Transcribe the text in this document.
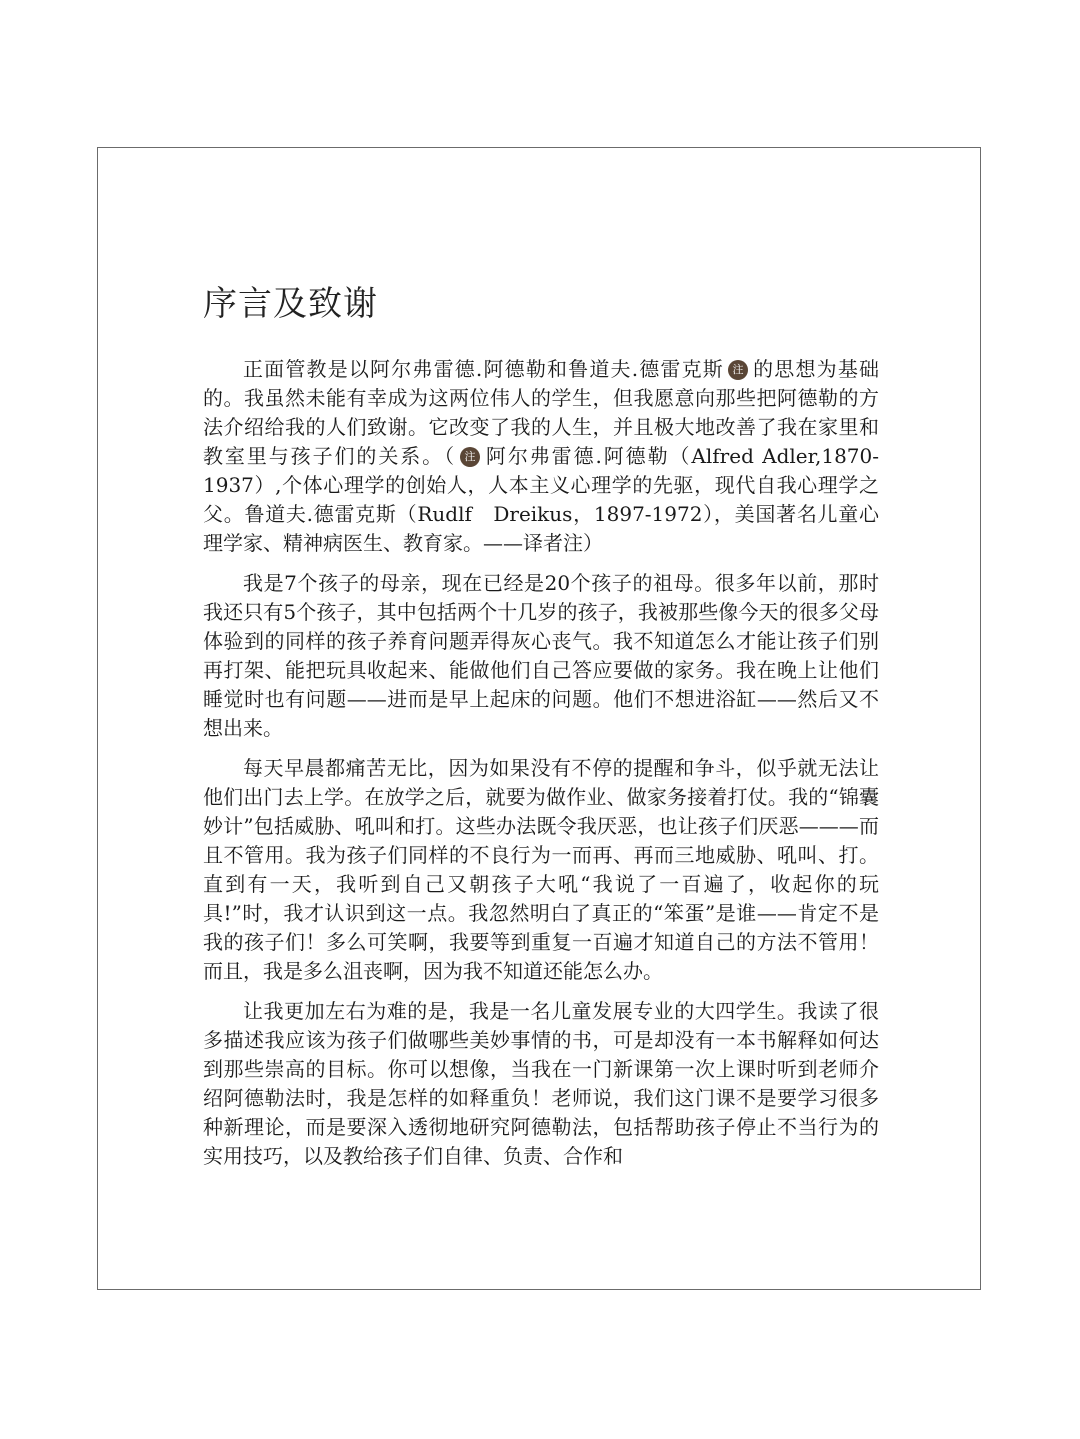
序言及致谢

正面管教是以阿尔弗雷德.阿德勒和鲁道夫.德雷克斯 注 的思想为基础的。我虽然未能有幸成为这两位伟人的学生，但我愿意向那些把阿德勒的方法介绍给我的人们致谢。它改变了我的人生，并且极大地改善了我在家里和教室里与孩子们的关系。（ 注 阿尔弗雷德.阿德勒（Alfred Adler,1870-1937）,个体心理学的创始人，人本主义心理学的先驱，现代自我心理学之父。鲁道夫.德雷克斯（Rudlf　Dreikus，1897-1972），美国著名儿童心理学家、精神病医生、教育家。——译者注）

我是7个孩子的母亲，现在已经是20个孩子的祖母。很多年以前，那时我还只有5个孩子，其中包括两个十几岁的孩子，我被那些像今天的很多父母体验到的同样的孩子养育问题弄得灰心丧气。我不知道怎么才能让孩子们别再打架、能把玩具收起来、能做他们自己答应要做的家务。我在晚上让他们睡觉时也有问题——进而是早上起床的问题。他们不想进浴缸——然后又不想出来。

每天早晨都痛苦无比，因为如果没有不停的提醒和争斗，似乎就无法让他们出门去上学。在放学之后，就要为做作业、做家务接着打仗。我的“锦囊妙计”包括威胁、吼叫和打。这些办法既令我厌恶，也让孩子们厌恶———而且不管用。我为孩子们同样的不良行为一而再、再而三地威胁、吼叫、打。直到有一天，我听到自己又朝孩子大吼“我说了一百遍了，收起你的玩具!”时，我才认识到这一点。我忽然明白了真正的“笨蛋”是谁——肯定不是我的孩子们！多么可笑啊，我要等到重复一百遍才知道自己的方法不管用！而且，我是多么沮丧啊，因为我不知道还能怎么办。

让我更加左右为难的是，我是一名儿童发展专业的大四学生。我读了很多描述我应该为孩子们做哪些美妙事情的书，可是却没有一本书解释如何达到那些崇高的目标。你可以想像，当我在一门新课第一次上课时听到老师介绍阿德勒法时，我是怎样的如释重负！老师说，我们这门课不是要学习很多种新理论，而是要深入透彻地研究阿德勒法，包括帮助孩子停止不当行为的实用技巧，以及教给孩子们自律、负责、合作和
